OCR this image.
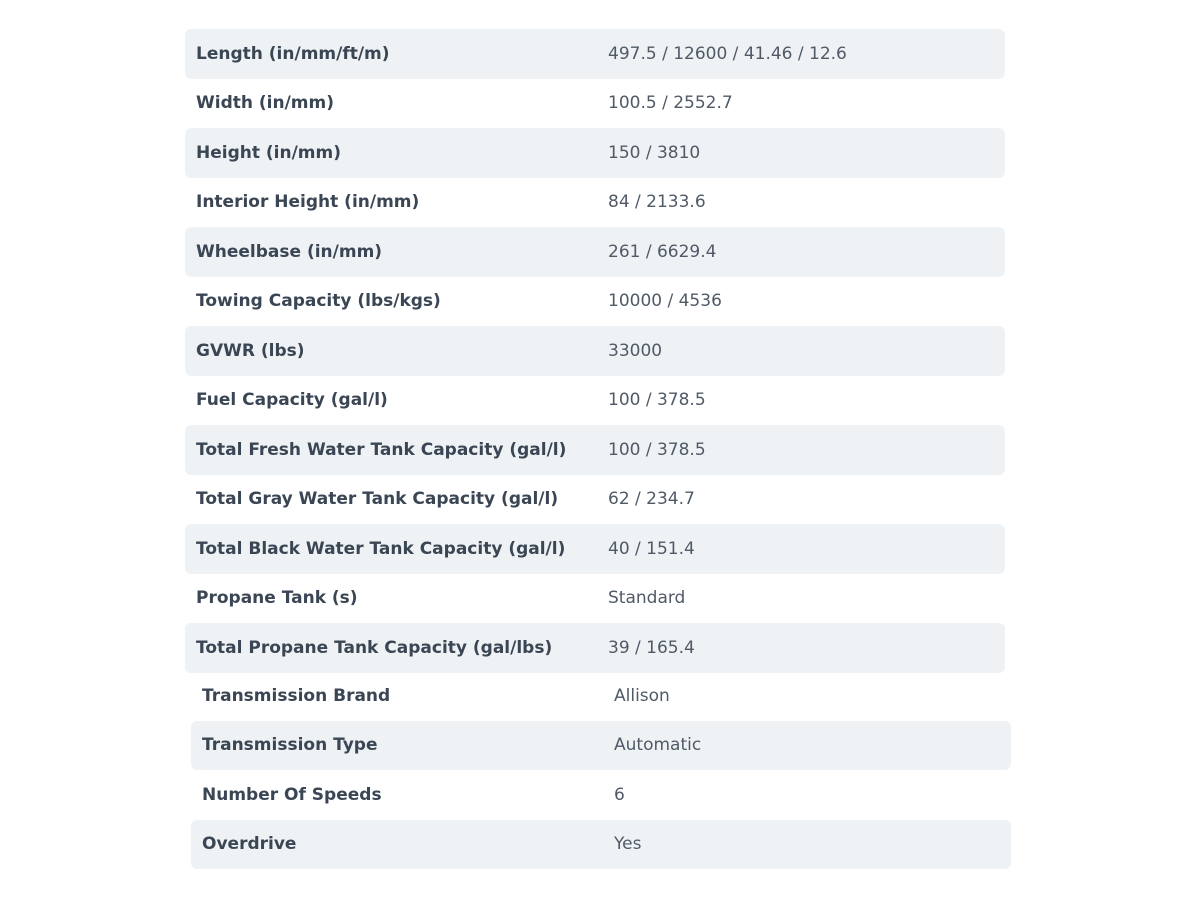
Length (in/mm/ft/m)	497.5 / 12600 / 41.46 / 12.6
Width (in/mm)	100.5 / 2552.7
Height (in/mm)	150 / 3810
Interior Height (in/mm)	84 / 2133.6
Wheelbase (in/mm)	261 / 6629.4
Towing Capacity (lbs/kgs)	10000 / 4536
GVWR (lbs)	33000
Fuel Capacity (gal/l)	100 / 378.5
Total Fresh Water Tank Capacity (gal/l)	100 / 378.5
Total Gray Water Tank Capacity (gal/l)	62 / 234.7
Total Black Water Tank Capacity (gal/l)	40 / 151.4
Propane Tank (s)	Standard
Total Propane Tank Capacity (gal/lbs)	39 / 165.4
Transmission Brand	Allison
Transmission Type	Automatic
Number Of Speeds	6
Overdrive	Yes
